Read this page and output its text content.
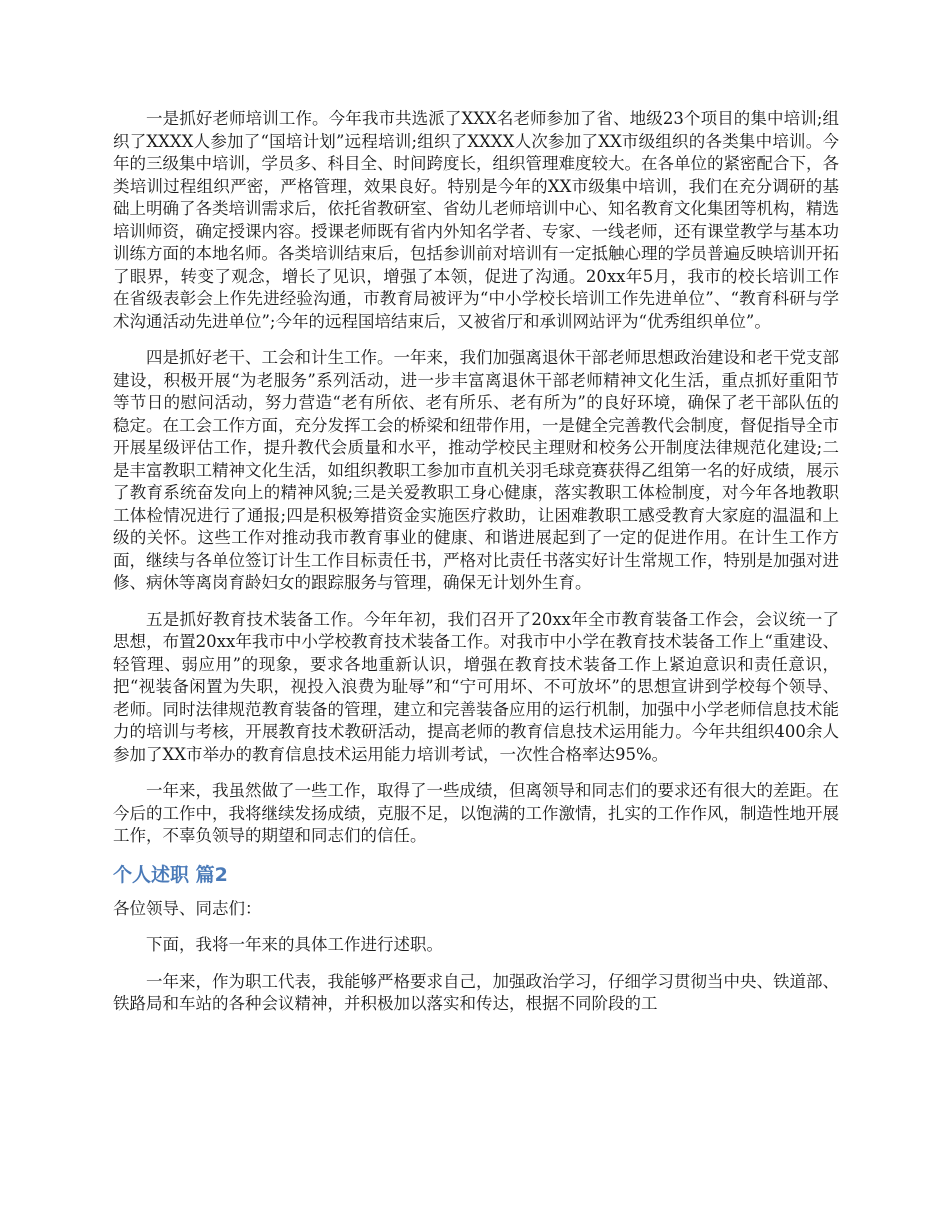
一是抓好老师培训工作。今年我市共选派了XXX名老师参加了省、地级23个项目的集中培训;组织了XXXX人参加了“国培计划”远程培训;组织了XXXX人次参加了XX市级组织的各类集中培训。今年的三级集中培训，学员多、科目全、时间跨度长，组织管理难度较大。在各单位的紧密配合下，各类培训过程组织严密，严格管理，效果良好。特别是今年的XX市级集中培训，我们在充分调研的基础上明确了各类培训需求后，依托省教研室、省幼儿老师培训中心、知名教育文化集团等机构，精选培训师资，确定授课内容。授课老师既有省内外知名学者、专家、一线老师，还有课堂教学与基本功训练方面的本地名师。各类培训结束后，包括参训前对培训有一定抵触心理的学员普遍反映培训开拓了眼界，转变了观念，增长了见识，增强了本领，促进了沟通。20xx年5月，我市的校长培训工作在省级表彰会上作先进经验沟通，市教育局被评为“中小学校长培训工作先进单位”、“教育科研与学术沟通活动先进单位”;今年的远程国培结束后，又被省厅和承训网站评为“优秀组织单位”。

四是抓好老干、工会和计生工作。一年来，我们加强离退休干部老师思想政治建设和老干党支部建设，积极开展“为老服务”系列活动，进一步丰富离退休干部老师精神文化生活，重点抓好重阳节等节日的慰问活动，努力营造“老有所依、老有所乐、老有所为”的良好环境，确保了老干部队伍的稳定。在工会工作方面，充分发挥工会的桥梁和纽带作用，一是健全完善教代会制度，督促指导全市开展星级评估工作，提升教代会质量和水平，推动学校民主理财和校务公开制度法律规范化建设;二是丰富教职工精神文化生活，如组织教职工参加市直机关羽毛球竞赛获得乙组第一名的好成绩，展示了教育系统奋发向上的精神风貌;三是关爱教职工身心健康，落实教职工体检制度，对今年各地教职工体检情况进行了通报;四是积极筹措资金实施医疗救助，让困难教职工感受教育大家庭的温温和上级的关怀。这些工作对推动我市教育事业的健康、和谐进展起到了一定的促进作用。在计生工作方面，继续与各单位签订计生工作目标责任书，严格对比责任书落实好计生常规工作，特别是加强对进修、病休等离岗育龄妇女的跟踪服务与管理，确保无计划外生育。

五是抓好教育技术装备工作。今年年初，我们召开了20xx年全市教育装备工作会，会议统一了思想，布置20xx年我市中小学校教育技术装备工作。对我市中小学在教育技术装备工作上“重建设、轻管理、弱应用”的现象，要求各地重新认识，增强在教育技术装备工作上紧迫意识和责任意识，把“视装备闲置为失职，视投入浪费为耻辱”和“宁可用坏、不可放坏”的思想宣讲到学校每个领导、老师。同时法律规范教育装备的管理，建立和完善装备应用的运行机制，加强中小学老师信息技术能力的培训与考核，开展教育技术教研活动，提高老师的教育信息技术运用能力。今年共组织400余人参加了XX市举办的教育信息技术运用能力培训考试，一次性合格率达95%。

一年来，我虽然做了一些工作，取得了一些成绩，但离领导和同志们的要求还有很大的差距。在今后的工作中，我将继续发扬成绩，克服不足，以饱满的工作激情，扎实的工作作风，制造性地开展工作，不辜负领导的期望和同志们的信任。

个人述职 篇2

各位领导、同志们：

下面，我将一年来的具体工作进行述职。

一年来，作为职工代表，我能够严格要求自己，加强政治学习，仔细学习贯彻当中央、铁道部、铁路局和车站的各种会议精神，并积极加以落实和传达，根据不同阶段的工
